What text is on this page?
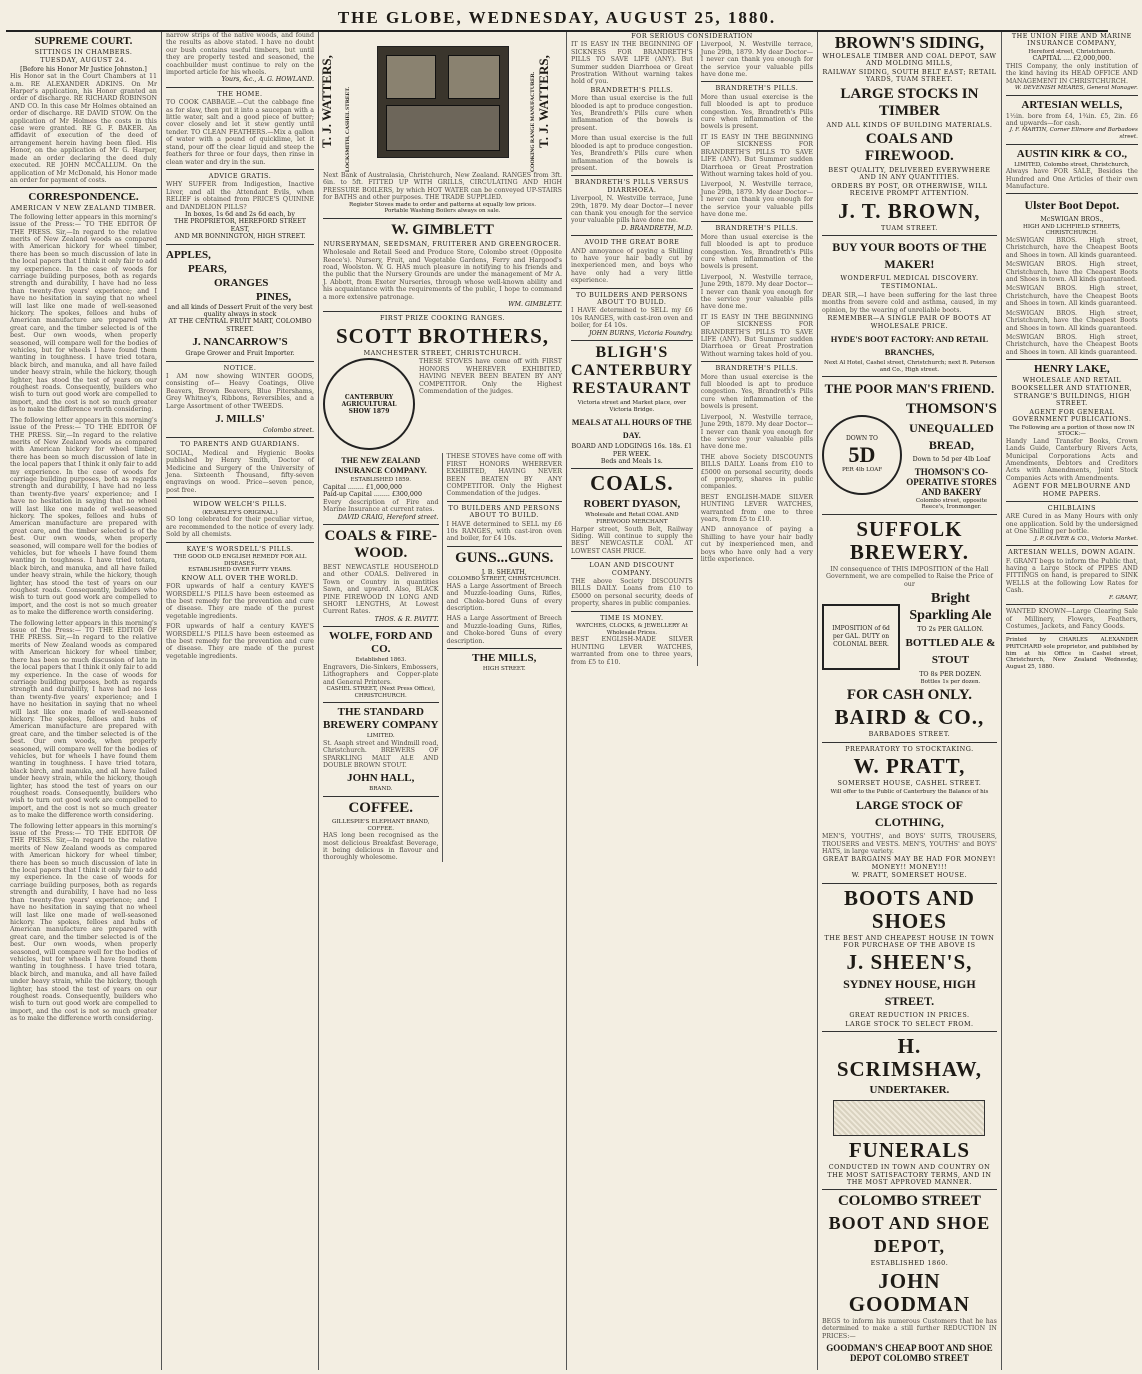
THE GLOBE, WEDNESDAY, AUGUST 25, 1880.
SUPREME COURT.
SITTINGS IN CHAMBERS.
TUESDAY, AUGUST 24.
[Before his Honor Mr Justice Johnston.]
His Honor sat in the Court Chambers at 11 a.m. RE ALEXANDER ADKINS. On Mr Harper's application, his Honor granted an order of discharge. RE RICHARD ROBINSON AND CO. In this case Mr Holmes obtained an order of discharge. RE DAVID STOW. On the application of Mr Holmes the costs in this case were granted. RE G. F. BAKER. An affidavit of execution of the deed of arrangement herein having been filed. His Honor, on the application of Mr G. Harper, made an order declaring the deed duly executed. RE JOHN MCCALLUM. On the application of Mr McDonald, his Honor made an order for payment of costs.
CORRESPONDENCE.
AMERICAN V NEW ZEALAND TIMBER.
The following letter appears in this morning's issue of the Press:— TO THE EDITOR OF THE PRESS. Sir,—In regard to the relative merits of New Zealand woods as compared with American hickory for wheel timber, there has been so much discussion of late in the local papers that I think it only fair to add my experience. In the case of woods for carriage building purposes, both as regards strength and durability, I have had no less than twenty-five years' experience; and I have no hesitation in saying that no wheel will last like one made of well-seasoned hickory. The spokes, felloes and hubs of American manufacture are prepared with great care, and the timber selected is of the best. Our own woods, when properly seasoned, will compare well for the bodies of vehicles, but for wheels I have found them wanting in toughness. I have tried totara, black birch, and manuka, and all have failed under heavy strain, while the hickory, though lighter, has stood the test of years on our roughest roads. Consequently, builders who wish to turn out good work are compelled to import, and the cost is not so much greater as to make the difference worth considering.
The following letter appears in this morning's issue of the Press:— TO THE EDITOR OF THE PRESS. Sir,—In regard to the relative merits of New Zealand woods as compared with American hickory for wheel timber, there has been so much discussion of late in the local papers that I think it only fair to add my experience. In the case of woods for carriage building purposes, both as regards strength and durability, I have had no less than twenty-five years' experience; and I have no hesitation in saying that no wheel will last like one made of well-seasoned hickory. The spokes, felloes and hubs of American manufacture are prepared with great care, and the timber selected is of the best. Our own woods, when properly seasoned, will compare well for the bodies of vehicles, but for wheels I have found them wanting in toughness. I have tried totara, black birch, and manuka, and all have failed under heavy strain, while the hickory, though lighter, has stood the test of years on our roughest roads. Consequently, builders who wish to turn out good work are compelled to import, and the cost is not so much greater as to make the difference worth considering.
The following letter appears in this morning's issue of the Press:— TO THE EDITOR OF THE PRESS. Sir,—In regard to the relative merits of New Zealand woods as compared with American hickory for wheel timber, there has been so much discussion of late in the local papers that I think it only fair to add my experience. In the case of woods for carriage building purposes, both as regards strength and durability, I have had no less than twenty-five years' experience; and I have no hesitation in saying that no wheel will last like one made of well-seasoned hickory. The spokes, felloes and hubs of American manufacture are prepared with great care, and the timber selected is of the best. Our own woods, when properly seasoned, will compare well for the bodies of vehicles, but for wheels I have found them wanting in toughness. I have tried totara, black birch, and manuka, and all have failed under heavy strain, while the hickory, though lighter, has stood the test of years on our roughest roads. Consequently, builders who wish to turn out good work are compelled to import, and the cost is not so much greater as to make the difference worth considering.
The following letter appears in this morning's issue of the Press:— TO THE EDITOR OF THE PRESS. Sir,—In regard to the relative merits of New Zealand woods as compared with American hickory for wheel timber, there has been so much discussion of late in the local papers that I think it only fair to add my experience. In the case of woods for carriage building purposes, both as regards strength and durability, I have had no less than twenty-five years' experience; and I have no hesitation in saying that no wheel will last like one made of well-seasoned hickory. The spokes, felloes and hubs of American manufacture are prepared with great care, and the timber selected is of the best. Our own woods, when properly seasoned, will compare well for the bodies of vehicles, but for wheels I have found them wanting in toughness. I have tried totara, black birch, and manuka, and all have failed under heavy strain, while the hickory, though lighter, has stood the test of years on our roughest roads. Consequently, builders who wish to turn out good work are compelled to import, and the cost is not so much greater as to make the difference worth considering.
narrow strips of the native woods, and found the results as above stated. I have no doubt our bush contains useful timbers, but until they are properly tested and seasoned, the coachbuilder must continue to rely on the imported article for his wheels.
Yours, &c., A. G. HOWLAND.
THE HOME.
TO COOK CABBAGE.—Cut the cabbage fine as for slaw, then put it into a saucepan with a little water, salt and a good piece of butter; cover closely and let it stew gently until tender. TO CLEAN FEATHERS.—Mix a gallon of water with a pound of quicklime, let it stand, pour off the clear liquid and steep the feathers for three or four days, then rinse in clean water and dry in the sun.
ADVICE GRATIS.
WHY SUFFER from Indigestion, Inactive Liver, and all the Attendant Evils, when RELIEF is obtained from PRICE'S QUININE and DANDELION PILLS?
In boxes, 1s 6d and 2s 6d each, by
THE PROPRIETOR, HEREFORD STREET EAST,
AND MR BONNINGTON, HIGH STREET.
APPLES,
PEARS,
ORANGES
PINES,
and all kinds of Dessert Fruit of the very best quality always in stock
AT THE CENTRAL FRUIT MART, COLOMBO STREET.
J. NANCARROW'S
Grape Grower and Fruit Importer.
NOTICE.
I AM now showing WINTER GOODS, consisting of— Heavy Coatings, Olive Beavers, Brown Beavers, Blue Pitershams, Grey Whitney's, Ribbons, Reversibles, and a Large Assortment of other TWEEDS.
J. MILLS'
Colombo street.
TO PARENTS AND GUARDIANS.
SOCIAL, Medical and Hygienic Books published by Henry Smith, Doctor of Medicine and Surgery of the University of Jena. Sixteenth Thousand, fifty-seven engravings on wood. Price—seven pence, post free.
WIDOW WELCH'S PILLS.
(KEARSLEY'S ORIGINAL.)
SO long celebrated for their peculiar virtue, are recommended to the notice of every lady. Sold by all chemists.
KAYE'S WORSDELL'S PILLS.
THE GOOD OLD ENGLISH REMEDY FOR ALL DISEASES.
ESTABLISHED OVER FIFTY YEARS.
KNOW ALL OVER THE WORLD.
FOR upwards of half a century KAYE'S WORSDELL'S PILLS have been esteemed as the best remedy for the prevention and cure of disease. They are made of the purest vegetable ingredients.
FOR upwards of half a century KAYE'S WORSDELL'S PILLS have been esteemed as the best remedy for the prevention and cure of disease. They are made of the purest vegetable ingredients.
T. J. WATTERS,	LOCKSMITH, CASHEL STREET.	COOKING RANGE MANUFACTURER. T. J. WATTERS,
Next Bank of Australasia, Christchurch, New Zealand. RANGES from 3ft. 6in. to 5ft. FITTED UP WITH GRILLS, CIRCULATING AND HIGH PRESSURE BOILERS, by which HOT WATER can be conveyed UP-STAIRS for BATHS and other purposes. THE TRADE SUPPLIED.
Register Stoves made to order and patterns at equally low prices.
Portable Washing Boilers always on sale.
W. GIMBLETT
NURSERYMAN, SEEDSMAN, FRUITERER AND GREENGROCER.
Wholesale and Retail Seed and Produce Store, Colombo street (Opposite Reece's). Nursery, Fruit, and Vegetable Gardens, Ferry and Hargood's road, Woolston. W. G. HAS much pleasure in notifying to his friends and the public that the Nursery Grounds are under the management of Mr A. J. Abbott, from Exeter Nurseries, through whose well-known ability and his acquaintance with the requirements of the public, I hope to command a more extensive patronage.
WM. GIMBLETT.
FIRST PRIZE COOKING RANGES.
SCOTT BROTHERS,
MANCHESTER STREET, CHRISTCHURCH.
CANTERBURY AGRICULTURAL SHOW 1879
THESE STOVES have come off with FIRST HONORS WHEREVER EXHIBITED, HAVING NEVER BEEN BEATEN BY ANY COMPETITOR. Only the Highest Commendation of the judges.
THE NEW ZEALAND INSURANCE COMPANY.
ESTABLISHED 1859.
Capital ........ £1,000,000
Paid-up Capital ........ £300,000
Every description of Fire and Marine Insurance at current rates.
DAVID CRAIG, Hereford street.
COALS & FIRE-WOOD.
BEST NEWCASTLE HOUSEHOLD and other COALS. Delivered in Town or Country in quantities Sawn, and upward. Also, BLACK PINE FIREWOOD IN LONG AND SHORT LENGTHS, At Lowest Current Rates.
THOS. & R. PAVITT.
WOLFE, FORD AND CO.
Established 1863.
Engravers, Die-Sinkers, Embossers, Lithographers and Copper-plate and General Printers.
CASHEL STREET, (Next Press Office), CHRISTCHURCH.
THE STANDARD BREWERY COMPANY
LIMITED.
St. Asaph street and Windmill road, Christchurch. BREWERS OF SPARKLING MALT ALE AND DOUBLE BROWN STOUT.
JOHN HALL,
BRAND.
COFFEE.
GILLESPIE'S ELEPHANT BRAND, COFFEE.
HAS long been recognised as the most delicious Breakfast Beverage, it being delicious in flavour and thoroughly wholesome.
THESE STOVES have come off with FIRST HONORS WHEREVER EXHIBITED, HAVING NEVER BEEN BEATEN BY ANY COMPETITOR. Only the Highest Commendation of the judges.
TO BUILDERS AND PERSONS ABOUT TO BUILD.
I HAVE determined to SELL my £6 10s RANGES, with cast-iron oven and boiler, for £4 10s.
GUNS...GUNS.
J. B. SHEATH,
COLOMBO STREET, CHRISTCHURCH.
HAS a Large Assortment of Breech and Muzzle-loading Guns, Rifles, and Choke-bored Guns of every description.
HAS a Large Assortment of Breech and Muzzle-loading Guns, Rifles, and Choke-bored Guns of every description.
THE MILLS,
HIGH STREET.
FOR SERIOUS CONSIDERATION
IT IS EASY IN THE BEGINNING OF SICKNESS FOR BRANDRETH'S PILLS TO SAVE LIFE (ANY). But Summer sudden Diarrhoea or Great Prostration Without warning takes hold of you.
BRANDRETH'S PILLS.
More than usual exercise is the full blooded is apt to produce congestion. Yes, Brandreth's Pills cure when inflammation of the bowels is present.
More than usual exercise is the full blooded is apt to produce congestion. Yes, Brandreth's Pills cure when inflammation of the bowels is present.
BRANDRETH'S PILLS VERSUS DIARRHOEA.
Liverpool, N. Westville terrace, June 29th, 1879. My dear Doctor—I never can thank you enough for the service your valuable pills have done me.
D. BRANDRETH, M.D.
AVOID THE GREAT BORE
AND annoyance of paying a Shilling to have your hair badly cut by inexperienced men, and boys who have only had a very little experience.
TO BUILDERS AND PERSONS ABOUT TO BUILD.
I HAVE determined to SELL my £6 10s RANGES, with cast-iron oven and boiler, for £4 10s.
JOHN BURNS, Victoria Foundry.
BLIGH'S CANTERBURY RESTAURANT
Victoria street and Market place, over Victoria Bridge.
MEALS AT ALL HOURS OF THE DAY.
BOARD AND LODGINGS 16s. 18s. £1 PER WEEK.
Beds and Meals 1s.
COALS.
ROBERT DYASON,
Wholesale and Retail COAL AND FIREWOOD MERCHANT
Harper street, South Belt, Railway Siding. Will continue to supply the BEST NEWCASTLE COAL AT LOWEST CASH PRICE.
LOAN AND DISCOUNT COMPANY.
THE above Society DISCOUNTS BILLS DAILY. Loans from £10 to £5000 on personal security, deeds of property, shares in public companies.
TIME IS MONEY.
WATCHES, CLOCKS, & JEWELLERY At Wholesale Prices.
BEST ENGLISH-MADE SILVER HUNTING LEVER WATCHES, warranted from one to three years, from £5 to £10.
Liverpool, N. Westville terrace, June 29th, 1879. My dear Doctor—I never can thank you enough for the service your valuable pills have done me.
BRANDRETH'S PILLS.
More than usual exercise is the full blooded is apt to produce congestion. Yes, Brandreth's Pills cure when inflammation of the bowels is present.
IT IS EASY IN THE BEGINNING OF SICKNESS FOR BRANDRETH'S PILLS TO SAVE LIFE (ANY). But Summer sudden Diarrhoea or Great Prostration Without warning takes hold of you.
Liverpool, N. Westville terrace, June 29th, 1879. My dear Doctor—I never can thank you enough for the service your valuable pills have done me.
BRANDRETH'S PILLS.
More than usual exercise is the full blooded is apt to produce congestion. Yes, Brandreth's Pills cure when inflammation of the bowels is present.
Liverpool, N. Westville terrace, June 29th, 1879. My dear Doctor—I never can thank you enough for the service your valuable pills have done me.
IT IS EASY IN THE BEGINNING OF SICKNESS FOR BRANDRETH'S PILLS TO SAVE LIFE (ANY). But Summer sudden Diarrhoea or Great Prostration Without warning takes hold of you.
BRANDRETH'S PILLS.
More than usual exercise is the full blooded is apt to produce congestion. Yes, Brandreth's Pills cure when inflammation of the bowels is present.
Liverpool, N. Westville terrace, June 29th, 1879. My dear Doctor—I never can thank you enough for the service your valuable pills have done me.
THE above Society DISCOUNTS BILLS DAILY. Loans from £10 to £5000 on personal security, deeds of property, shares in public companies.
BEST ENGLISH-MADE SILVER HUNTING LEVER WATCHES, warranted from one to three years, from £5 to £10.
AND annoyance of paying a Shilling to have your hair badly cut by inexperienced men, and boys who have only had a very little experience.
BROWN'S SIDING,
WHOLESALE TIMBER AND COAL DEPOT, SAW AND MOLDING MILLS,
RAILWAY SIDING, SOUTH BELT EAST; RETAIL YARDS, TUAM STREET.
LARGE STOCKS IN TIMBER
AND ALL KINDS OF BUILDING MATERIALS.
COALS AND FIREWOOD.
BEST QUALITY, DELIVERED EVERYWHERE AND IN ANY QUANTITIES.
ORDERS BY POST, OR OTHERWISE, WILL RECEIVE PROMPT ATTENTION.
J. T. BROWN,
TUAM STREET.
BUY YOUR BOOTS OF THE MAKER!
WONDERFUL MEDICAL DISCOVERY.
TESTIMONIAL.
DEAR SIR,—I have been suffering for the last three months from severe cold and asthma, caused, in my opinion, by the wearing of unreliable boots.
REMEMBER—A SINGLE PAIR OF BOOTS AT WHOLESALE PRICE.
HYDE'S BOOT FACTORY: AND RETAIL BRANCHES,
Next Al Hotel, Cashel street, Christchurch; next R. Peterson and Co., High street.
THE POOR MAN'S FRIEND.
DOWN TO
5D
PER 4lb LOAF
THOMSON'S
UNEQUALLED BREAD,
Down to 5d per 4lb Loaf
THOMSON'S CO-OPERATIVE STORES AND BAKERY
Colombo street, opposite Reece's, Ironmonger.
SUFFOLK BREWERY.
IN consequence of THIS IMPOSITION of the Hall Government, we are compelled to Raise the Price of our
IMPOSITION of 6d per GAL. DUTY on COLONIAL BEER.
Bright Sparkling Ale
TO 2s PER GALLON.
BOTTLED ALE & STOUT
TO 8s PER DOZEN.
Bottles 1s per dozen.
FOR CASH ONLY.
BAIRD & CO.,
BARBADOES STREET.
PREPARATORY TO STOCKTAKING.
W. PRATT,
SOMERSET HOUSE, CASHEL STREET.
Will offer to the Public of Canterbury the Balance of his
LARGE STOCK OF CLOTHING,
MEN'S, YOUTHS', and BOYS' SUITS, TROUSERS, TROUSERS and VESTS. MEN'S, YOUTHS' and BOYS' HATS, in large variety.
GREAT BARGAINS MAY BE HAD FOR MONEY! MONEY!! MONEY!!!
W. PRATT, SOMERSET HOUSE.
BOOTS AND SHOES
THE BEST AND CHEAPEST HOUSE IN TOWN FOR PURCHASE OF THE ABOVE IS
J. SHEEN'S,
SYDNEY HOUSE, HIGH STREET.
GREAT REDUCTION IN PRICES.
LARGE STOCK TO SELECT FROM.
H. SCRIMSHAW,
UNDERTAKER.
FUNERALS
CONDUCTED IN TOWN AND COUNTRY ON THE MOST SATISFACTORY TERMS, AND IN THE MOST APPROVED MANNER.
COLOMBO STREET
BOOT AND SHOE DEPOT,
ESTABLISHED 1860.
JOHN GOODMAN
BEGS to inform his numerous Customers that he has determined to make a still further REDUCTION IN PRICES:—
GOODMAN'S CHEAP BOOT AND SHOE DEPOT COLOMBO STREET
THE UNION FIRE AND MARINE INSURANCE COMPANY,
Hereford street, Christchurch.
CAPITAL .... £2,000,000.
THIS Company, the only institution of the kind having its HEAD OFFICE AND MANAGEMENT IN CHRISTCHURCH.
W. DEVENISH MEARES, General Manager.
ARTESIAN WELLS,
1½in. bore from £4, 1¾in. £5, 2in. £6 and upwards—for cash.
J. F. MARTIN, Corner Ellmore and Barbadoes street.
AUSTIN KIRK & CO.,
LIMITED, Colombo street, Christchurch,
Always have FOR SALE, Besides the Hundred and One Articles of their own Manufacture.
Ulster Boot Depot.
McSWIGAN BROS.,
HIGH AND LICHFIELD STREETS, CHRISTCHURCH.
McSWIGAN BROS. High street, Christchurch, have the Cheapest Boots and Shoes in town. All kinds guaranteed.
McSWIGAN BROS. High street, Christchurch, have the Cheapest Boots and Shoes in town. All kinds guaranteed.
McSWIGAN BROS. High street, Christchurch, have the Cheapest Boots and Shoes in town. All kinds guaranteed.
McSWIGAN BROS. High street, Christchurch, have the Cheapest Boots and Shoes in town. All kinds guaranteed.
McSWIGAN BROS. High street, Christchurch, have the Cheapest Boots and Shoes in town. All kinds guaranteed.
HENRY LAKE,
WHOLESALE AND RETAIL BOOKSELLER AND STATIONER,
STRANGE'S BUILDINGS, HIGH STREET.
AGENT FOR GENERAL GOVERNMENT PUBLICATIONS.
The Following are a portion of those now IN STOCK:—
Handy Land Transfer Books, Crown Lands Guide, Canterbury Rivers Acts, Municipal Corporations Acts and Amendments, Debtors and Creditors Acts with Amendments, Joint Stock Companies Acts with Amendments.
AGENT FOR MELBOURNE AND HOME PAPERS.
CHILBLAINS
ARE Cured in as Many Hours with only one application. Sold by the undersigned at One Shilling per bottle.
J. P. OLIVER & CO., Victoria Market.
ARTESIAN WELLS, DOWN AGAIN.
F. GRANT begs to inform the Public that, having a Large Stock of PIPES AND FITTINGS on hand, is prepared to SINK WELLS at the following Low Rates for Cash.
F. GRANT,
WANTED KNOWN—Large Clearing Sale of Millinery, Flowers, Feathers, Costumes, Jackets, and Fancy Goods.
Printed by CHARLES ALEXANDER PRITCHARD sole proprietor, and published by him at his Office in Cashel street, Christchurch, New Zealand Wednesday, August 25, 1880.
